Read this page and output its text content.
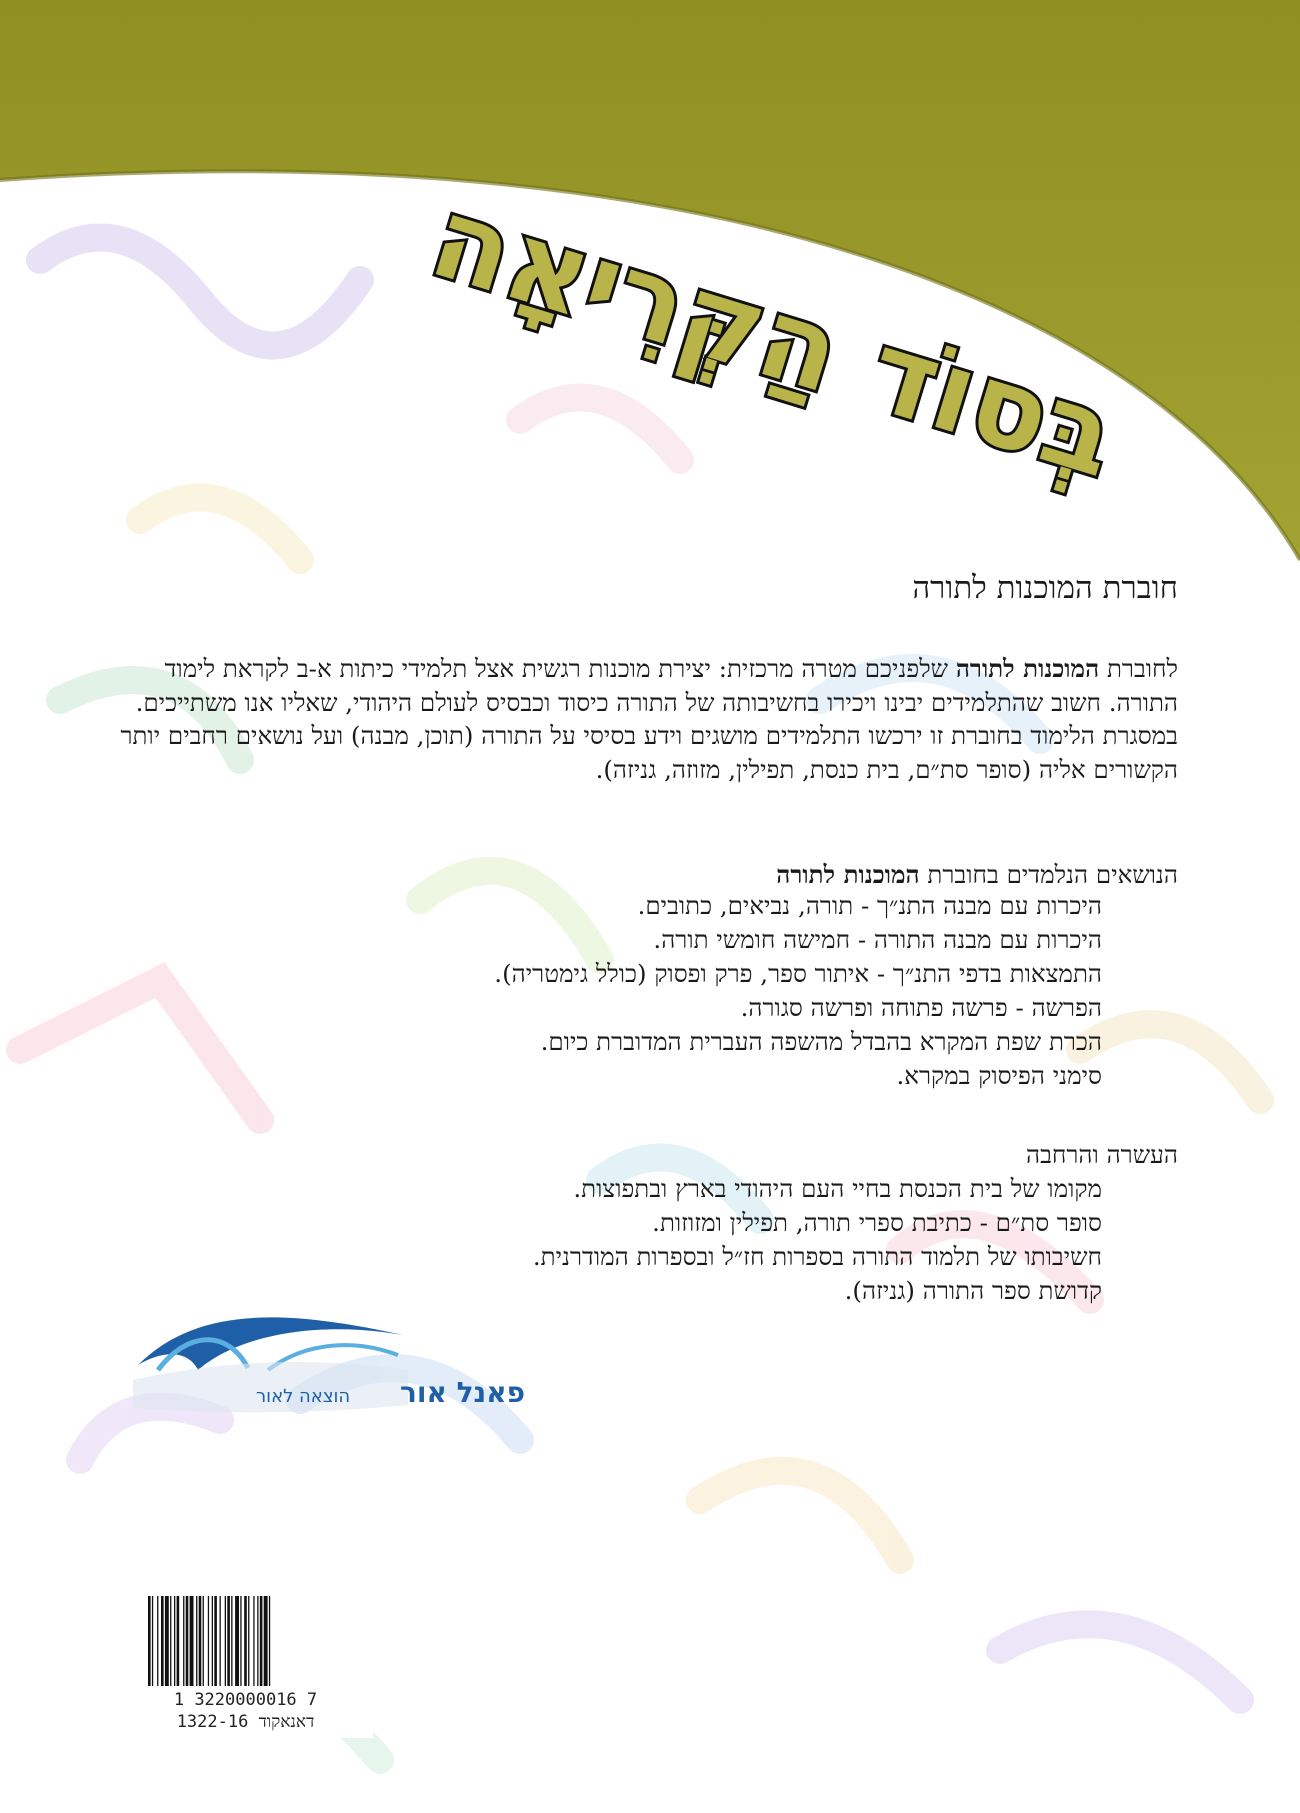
בְּסוֹד הַקְּרִיאָה
חוברת המוכנות לתורה

לחוברת המוכנות לתורה שלפניכם מטרה מרכזית: יצירת מוכנות רגשית אצל תלמידי כיתות א-ב לקראת לימוד התורה. חשוב שהתלמידים יבינו ויכירו בחשיבותה של התורה כיסוד וכבסיס לעולם היהודי, שאליו אנו משתייכים.

במסגרת הלימוד בחוברת זו ירכשו התלמידים מושגים וידע בסיסי על התורה (תוכן, מבנה) ועל נושאים רחבים יותר הקשורים אליה (סופר סת״ם, בית כנסת, תפילין, מזוזה, גניזה).

הנושאים הנלמדים בחוברת המוכנות לתורה
היכרות עם מבנה התנ״ך - תורה, נביאים, כתובים.
היכרות עם מבנה התורה - חמישה חומשי תורה.
התמצאות בדפי התנ״ך - איתור ספר, פרק ופסוק (כולל גימטריה).
הפרשה - פרשה פתוחה ופרשה סגורה.
הכרת שפת המקרא בהבדל מהשפה העברית המדוברת כיום.
סימני הפיסוק במקרא.
העשרה והרחבה
מקומו של בית הכנסת בחיי העם היהודי בארץ ובתפוצות.
סופר סת״ם - כתיבת ספרי תורה, תפילין ומזוזות.
חשיבותו של תלמוד התורה בספרות חז״ל ובספרות המודרנית.
קדושת ספר התורה (גניזה).
פאנל אור
הוצאה לאור
1 3220000016 7
דאנאקוד 1322-16
